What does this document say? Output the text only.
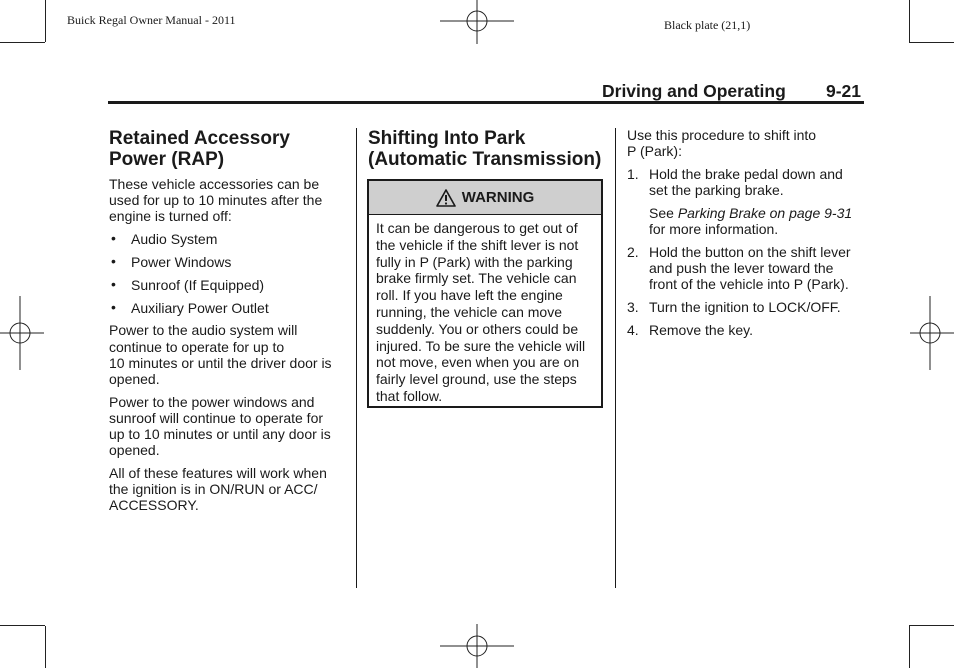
Buick Regal Owner Manual - 2011	Black plate (21,1)
Driving and Operating 9-21
Retained Accessory
Power (RAP)

These vehicle accessories can be
used for up to 10 minutes after the
engine is turned off:

• Audio System
• Power Windows
• Sunroof (If Equipped)
• Auxiliary Power Outlet

Power to the audio system will
continue to operate for up to
10 minutes or until the driver door is
opened.

Power to the power windows and
sunroof will continue to operate for
up to 10 minutes or until any door is
opened.

All of these features will work when
the ignition is in ON/RUN or ACC/
ACCESSORY.

Shifting Into Park
(Automatic Transmission)
WARNING
It can be dangerous to get out of
the vehicle if the shift lever is not
fully in P (Park) with the parking
brake firmly set. The vehicle can
roll. If you have left the engine
running, the vehicle can move
suddenly. You or others could be
injured. To be sure the vehicle will
not move, even when you are on
fairly level ground, use the steps
that follow.

Use this procedure to shift into
P (Park):

1. Hold the brake pedal down and
set the parking brake.

See Parking Brake on page 9-31
for more information.

2. Hold the button on the shift lever
and push the lever toward the
front of the vehicle into P (Park).
3. Turn the ignition to LOCK/OFF.
4. Remove the key.
